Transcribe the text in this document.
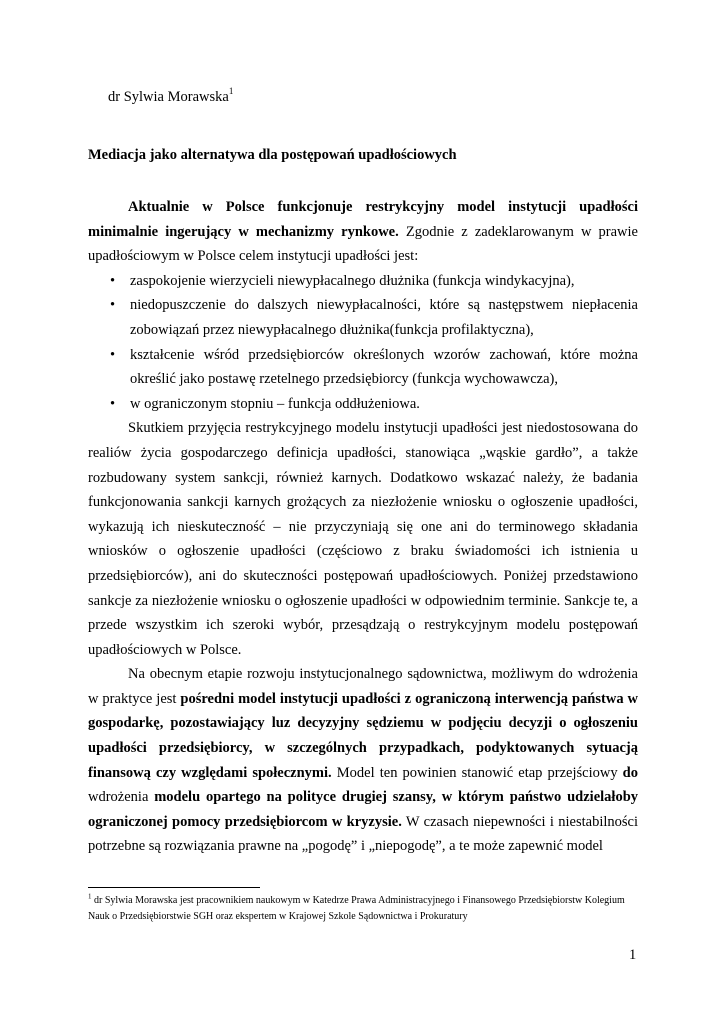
dr Sylwia Morawska$^1$
Mediacja jako alternatywa dla postępowań upadłościowych

Aktualnie w Polsce funkcjonuje restrykcyjny model instytucji upadłości minimalnie ingerujący w mechanizmy rynkowe. Zgodnie z zadeklarowanym w prawie upadłościowym w Polsce celem instytucji upadłości jest:

• zaspokojenie wierzycieli niewypłacalnego dłużnika (funkcja windykacyjna),
• niedopuszczenie do dalszych niewypłacalności, które są następstwem niepłacenia zobowiązań przez niewypłacalnego dłużnika(funkcja profilaktyczna),
• kształcenie wśród przedsiębiorców określonych wzorów zachowań, które można określić jako postawę rzetelnego przedsiębiorcy (funkcja wychowawcza),
• w ograniczonym stopniu – funkcja oddłużeniowa.

Skutkiem przyjęcia restrykcyjnego modelu instytucji upadłości jest niedostosowana do realiów życia gospodarczego definicja upadłości, stanowiąca „wąskie gardło”, a także rozbudowany system sankcji, również karnych. Dodatkowo wskazać należy, że badania funkcjonowania sankcji karnych grożących za niezłożenie wniosku o ogłoszenie upadłości, wykazują ich nieskuteczność – nie przyczyniają się one ani do terminowego składania wniosków o ogłoszenie upadłości (częściowo z braku świadomości ich istnienia u przedsiębiorców), ani do skuteczności postępowań upadłościowych. Poniżej przedstawiono sankcje za niezłożenie wniosku o ogłoszenie upadłości w odpowiednim terminie. Sankcje te, a przede wszystkim ich szeroki wybór, przesądzają o restrykcyjnym modelu postępowań upadłościowych w Polsce.

Na obecnym etapie rozwoju instytucjonalnego sądownictwa, możliwym do wdrożenia w praktyce jest pośredni model instytucji upadłości z ograniczoną interwencją państwa w gospodarkę, pozostawiający luz decyzyjny sędziemu w podjęciu decyzji o ogłoszeniu upadłości przedsiębiorcy, w szczególnych przypadkach, podyktowanych sytuacją finansową czy względami społecznymi. Model ten powinien stanowić etap przejściowy do wdrożenia modelu opartego na polityce drugiej szansy, w którym państwo udzielałoby ograniczonej pomocy przedsiębiorcom w kryzysie. W czasach niepewności i niestabilności potrzebne są rozwiązania prawne na „pogodę” i „niepogodę”, a te może zapewnić model

$^1$ dr Sylwia Morawska jest pracownikiem naukowym w Katedrze Prawa Administracyjnego i Finansowego Przedsiębiorstw Kolegium Nauk o Przedsiębiorstwie SGH oraz ekspertem w Krajowej Szkole Sądownictwa i Prokuratury
1
